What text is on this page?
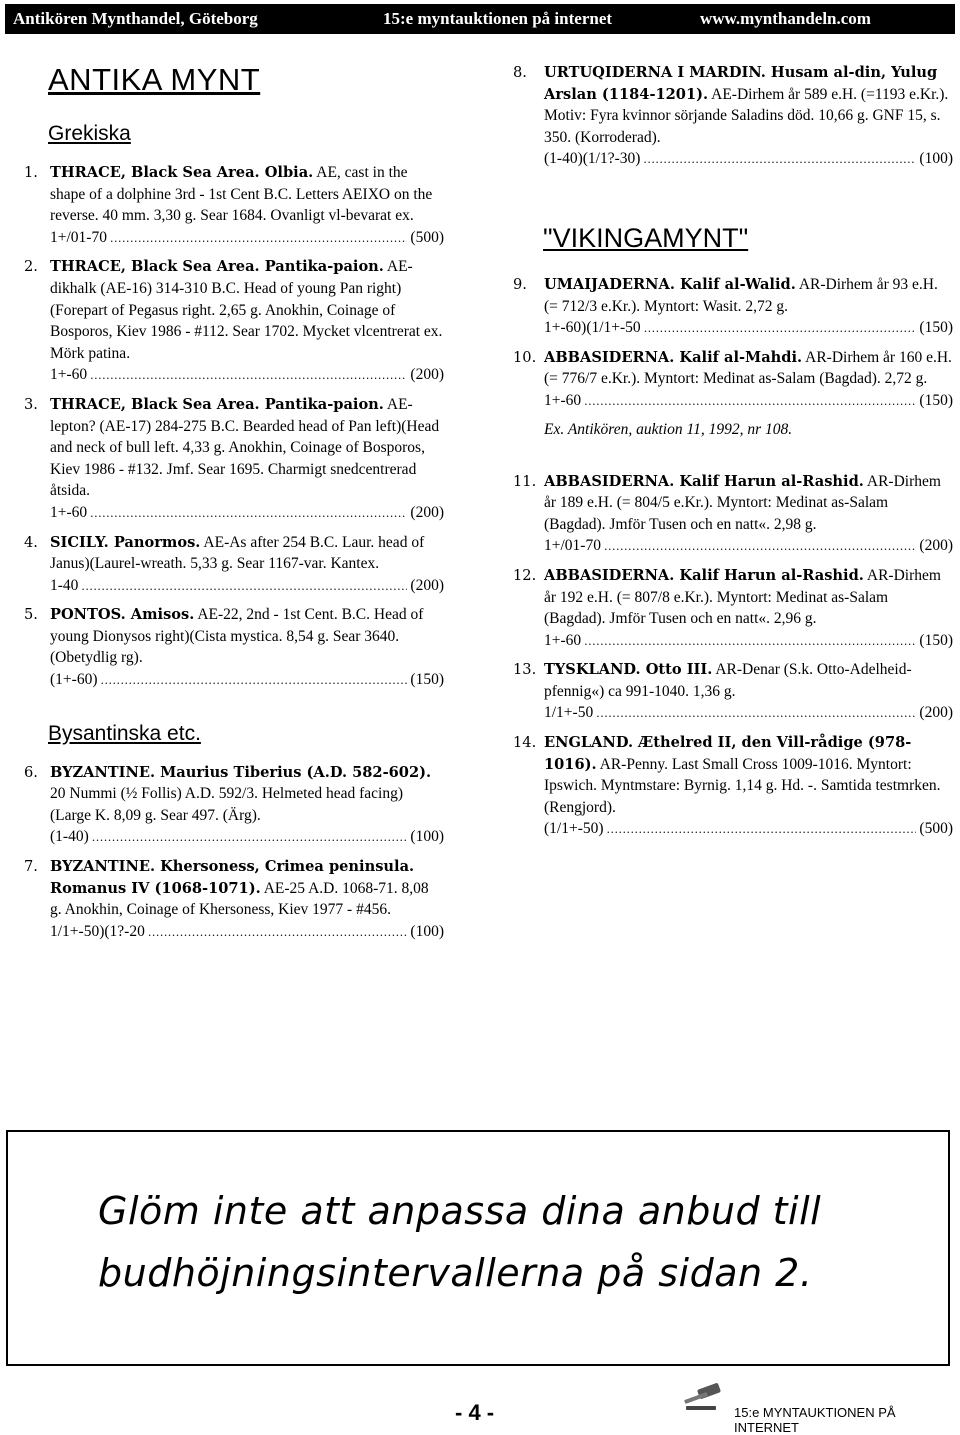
Antikören Mynthandel, Göteborg	15:e myntauktionen på internet	www.mynthandeln.com
ANTIKA MYNT
Grekiska
1. THRACE, Black Sea Area. Olbia. AE, cast in the shape of a dolphine 3rd - 1st Cent B.C. Letters AEIXO on the reverse. 40 mm. 3,30 g. Sear 1684. Ovanligt vl-bevarat ex.
1+/01-70 .....	(500)
2. THRACE, Black Sea Area. Pantika-paion. AE-dikhalk (AE-16) 314-310 B.C. Head of young Pan right)(Forepart of Pegasus right. 2,65 g. Anokhin, Coinage of Bosporos, Kiev 1986 - #112. Sear 1702. Mycket vlcentrerat ex. Mörk patina.
1+-60 .....	(200)
3. THRACE, Black Sea Area. Pantika-paion. AE-lepton? (AE-17) 284-275 B.C. Bearded head of Pan left)(Head and neck of bull left. 4,33 g. Anokhin, Coinage of Bosporos, Kiev 1986 - #132. Jmf. Sear 1695. Charmigt snedcentrerad åtsida.
1+-60 .....	(200)
4. SICILY. Panormos. AE-As after 254 B.C. Laur. head of Janus)(Laurel-wreath. 5,33 g. Sear 1167-var. Kantex.
1-40 .....	(200)
5. PONTOS. Amisos. AE-22, 2nd - 1st Cent. B.C. Head of young Dionysos right)(Cista mystica. 8,54 g. Sear 3640. (Obetydlig rg).
(1+-60) .....	(150)
Bysantinska etc.
6. BYZANTINE. Maurius Tiberius (A.D. 582-602). 20 Nummi (½ Follis) A.D. 592/3. Helmeted head facing)(Large K. 8,09 g. Sear 497. (Ärg).
(1-40) .....	(100)
7. BYZANTINE. Khersoness, Crimea peninsula. Romanus IV (1068-1071). AE-25 A.D. 1068-71. 8,08 g. Anokhin, Coinage of Khersoness, Kiev 1977 - #456.
1/1+-50)(1?-20 .....	(100)
8. URTUQIDERNA I MARDIN. Husam al-din, Yulug Arslan (1184-1201). AE-Dirhem år 589 e.H. (=1193 e.Kr.). Motiv: Fyra kvinnor sörjande Saladins död. 10,66 g. GNF 15, s. 350. (Korroderad).
(1-40)(1/1?-30) .....	(100)
"VIKINGAMYNT"
9. UMAIJADERNA. Kalif al-Walid. AR-Dirhem år 93 e.H. (= 712/3 e.Kr.). Myntort: Wasit. 2,72 g.
1+-60)(1/1+-50 .....	(150)
10. ABBASIDERNA. Kalif al-Mahdi. AR-Dirhem år 160 e.H. (= 776/7 e.Kr.). Myntort: Medinat as-Salam (Bagdad). 2,72 g.
1+-60 .....	(150)
Ex. Antikören, auktion 11, 1992, nr 108.
11. ABBASIDERNA. Kalif Harun al-Rashid. AR-Dirhem år 189 e.H. (= 804/5 e.Kr.). Myntort: Medinat as-Salam (Bagdad). Jmför Tusen och en natt«. 2,98 g.
1+/01-70 .....	(200)
12. ABBASIDERNA. Kalif Harun al-Rashid. AR-Dirhem år 192 e.H. (= 807/8 e.Kr.). Myntort: Medinat as-Salam (Bagdad). Jmför Tusen och en natt«. 2,96 g.
1+-60 .....	(150)
13. TYSKLAND. Otto III. AR-Denar (S.k. Otto-Adelheid-pfennig«) ca 991-1040. 1,36 g.
1/1+-50 .....	(200)
14. ENGLAND. Æthelred II, den Vill-rådige (978-1016). AR-Penny. Last Small Cross 1009-1016. Myntort: Ipswich. Myntmstare: Byrnig. 1,14 g. Hd. -. Samtida testmrken. (Rengjord).
(1/1+-50) .....	(500)

Glöm inte att anpassa dina anbud till

budhöjningsintervallerna på sidan 2.

- 4 -	15:e MYNTAUKTIONEN PÅ INTERNET
